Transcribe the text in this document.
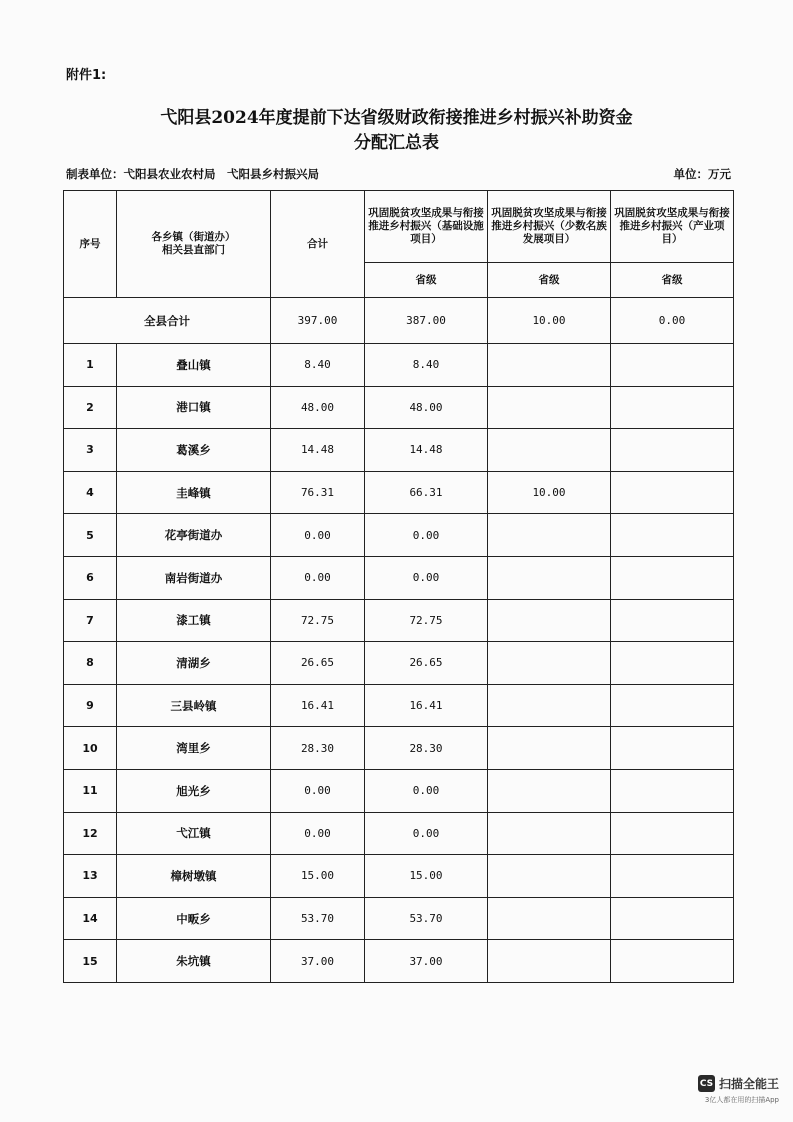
附件1:
弋阳县2024年度提前下达省级财政衔接推进乡村振兴补助资金
分配汇总表
制表单位：弋阳县农业农村局　弋阳县乡村振兴局	单位：万元
序号	各乡镇（街道办）
相关县直部门	合计	巩固脱贫攻坚成果与衔接推进乡村振兴（基础设施项目）	巩固脱贫攻坚成果与衔接推进乡村振兴（少数名族发展项目）	巩固脱贫攻坚成果与衔接推进乡村振兴（产业项目）
			省级	省级	省级
全县合计		397.00	387.00	10.00	0.00
1	叠山镇	8.40	8.40		
2	港口镇	48.00	48.00		
3	葛溪乡	14.48	14.48		
4	圭峰镇	76.31	66.31	10.00	
5	花亭街道办	0.00	0.00		
6	南岩街道办	0.00	0.00		
7	漆工镇	72.75	72.75		
8	清湖乡	26.65	26.65		
9	三县岭镇	16.41	16.41		
10	湾里乡	28.30	28.30		
11	旭光乡	0.00	0.00		
12	弋江镇	0.00	0.00		
13	樟树墩镇	15.00	15.00		
14	中畈乡	53.70	53.70		
15	朱坑镇	37.00	37.00		
CS 扫描全能王
3亿人都在用的扫描App
